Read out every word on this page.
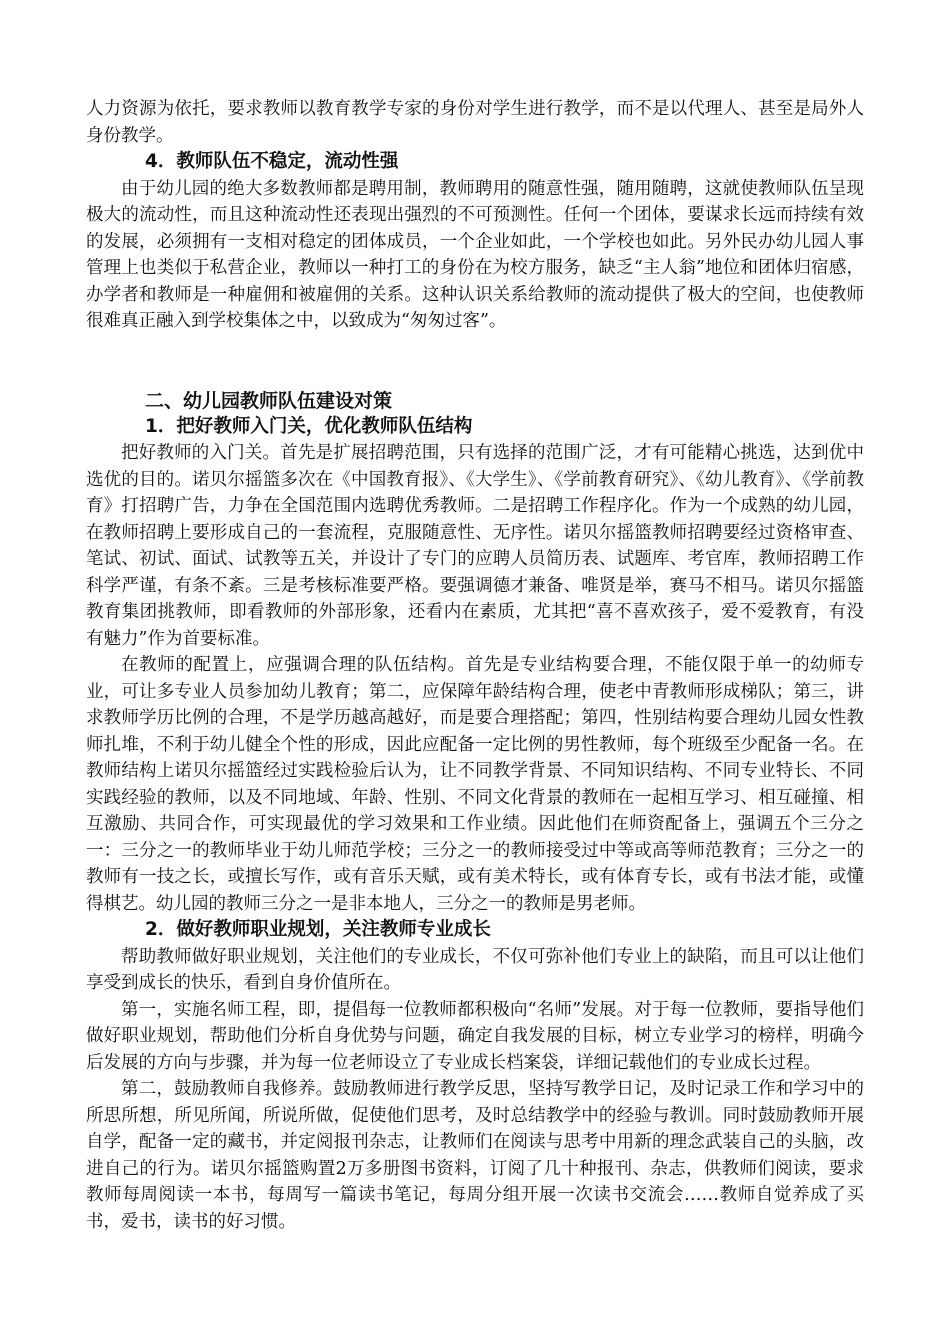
人力资源为依托，要求教师以教育教学专家的身份对学生进行教学，而不是以代理人、甚至是局外人身份教学。

4．教师队伍不稳定，流动性强

由于幼儿园的绝大多数教师都是聘用制，教师聘用的随意性强，随用随聘，这就使教师队伍呈现极大的流动性，而且这种流动性还表现出强烈的不可预测性。任何一个团体，要谋求长远而持续有效的发展，必须拥有一支相对稳定的团体成员，一个企业如此，一个学校也如此。另外民办幼儿园人事管理上也类似于私营企业，教师以一种打工的身份在为校方服务，缺乏“主人翁”地位和团体归宿感，办学者和教师是一种雇佣和被雇佣的关系。这种认识关系给教师的流动提供了极大的空间，也使教师很难真正融入到学校集体之中，以致成为“匆匆过客”。

二、幼儿园教师队伍建设对策
1．把好教师入门关，优化教师队伍结构

把好教师的入门关。首先是扩展招聘范围，只有选择的范围广泛，才有可能精心挑选，达到优中选优的目的。诺贝尔摇篮多次在《中国教育报》、《大学生》、《学前教育研究》、《幼儿教育》、《学前教育》打招聘广告，力争在全国范围内选聘优秀教师。二是招聘工作程序化。作为一个成熟的幼儿园，在教师招聘上要形成自己的一套流程，克服随意性、无序性。诺贝尔摇篮教师招聘要经过资格审查、笔试、初试、面试、试教等五关，并设计了专门的应聘人员简历表、试题库、考官库，教师招聘工作科学严谨，有条不紊。三是考核标准要严格。要强调德才兼备、唯贤是举，赛马不相马。诺贝尔摇篮教育集团挑教师，即看教师的外部形象，还看内在素质，尤其把“喜不喜欢孩子，爱不爱教育，有没有魅力”作为首要标准。

在教师的配置上，应强调合理的队伍结构。首先是专业结构要合理，不能仅限于单一的幼师专业，可让多专业人员参加幼儿教育；第二，应保障年龄结构合理，使老中青教师形成梯队；第三，讲求教师学历比例的合理，不是学历越高越好，而是要合理搭配；第四，性别结构要合理幼儿园女性教师扎堆，不利于幼儿健全个性的形成，因此应配备一定比例的男性教师，每个班级至少配备一名。在教师结构上诺贝尔摇篮经过实践检验后认为，让不同教学背景、不同知识结构、不同专业特长、不同实践经验的教师，以及不同地域、年龄、性别、不同文化背景的教师在一起相互学习、相互碰撞、相互激励、共同合作，可实现最优的学习效果和工作业绩。因此他们在师资配备上，强调五个三分之一：三分之一的教师毕业于幼儿师范学校；三分之一的教师接受过中等或高等师范教育；三分之一的教师有一技之长，或擅长写作，或有音乐天赋，或有美术特长，或有体育专长，或有书法才能，或懂得棋艺。幼儿园的教师三分之一是非本地人，三分之一的教师是男老师。

2．做好教师职业规划，关注教师专业成长

帮助教师做好职业规划，关注他们的专业成长，不仅可弥补他们专业上的缺陷，而且可以让他们享受到成长的快乐，看到自身价值所在。

第一，实施名师工程，即，提倡每一位教师都积极向“名师”发展。对于每一位教师，要指导他们做好职业规划，帮助他们分析自身优势与问题，确定自我发展的目标，树立专业学习的榜样，明确今后发展的方向与步骤，并为每一位老师设立了专业成长档案袋，详细记载他们的专业成长过程。

第二，鼓励教师自我修养。鼓励教师进行教学反思，坚持写教学日记，及时记录工作和学习中的所思所想，所见所闻，所说所做，促使他们思考，及时总结教学中的经验与教训。同时鼓励教师开展自学，配备一定的藏书，并定阅报刊杂志，让教师们在阅读与思考中用新的理念武装自己的头脑，改进自己的行为。诺贝尔摇篮购置2万多册图书资料，订阅了几十种报刊、杂志，供教师们阅读，要求教师每周阅读一本书，每周写一篇读书笔记，每周分组开展一次读书交流会……教师自觉养成了买书，爱书，读书的好习惯。
